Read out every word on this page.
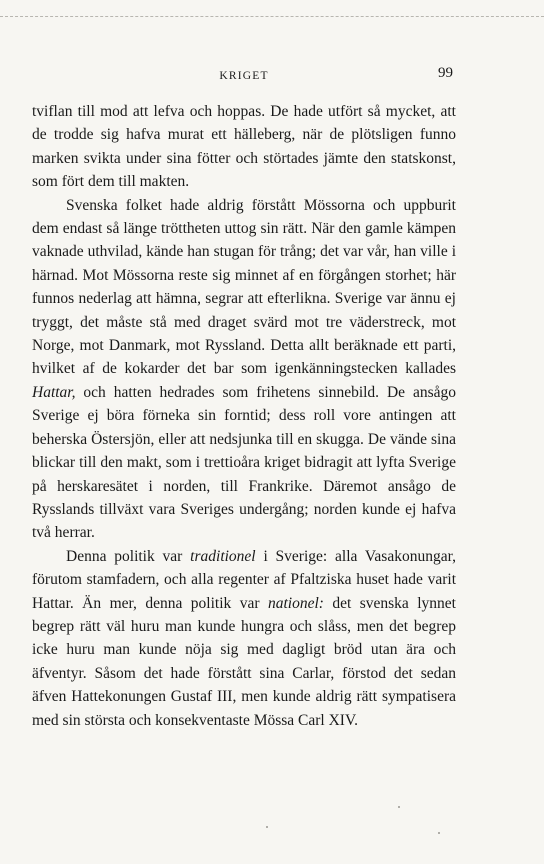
KRIGET	99

tviflan till mod att lefva och hoppas. De hade utfört så mycket, att de trodde sig hafva murat ett hälleberg, när de plötsligen funno marken svikta under sina fötter och störtades jämte den statskonst, som fört dem till makten.

Svenska folket hade aldrig förstått Mössorna och uppburit dem endast så länge tröttheten uttog sin rätt. När den gamle kämpen vaknade uthvilad, kände han stugan för trång; det var vår, han ville i härnad. Mot Mössorna reste sig minnet af en förgången storhet; här funnos nederlag att hämna, segrar att efterlikna. Sverige var ännu ej tryggt, det måste stå med draget svärd mot tre väderstreck, mot Norge, mot Danmark, mot Ryssland. Detta allt beräknade ett parti, hvilket af de kokarder det bar som igenkänningstecken kallades Hattar, och hatten hedrades som frihetens sinnebild. De ansågo Sverige ej böra förneka sin forntid; dess roll vore antingen att beherska Östersjön, eller att nedsjunka till en skugga. De vände sina blickar till den makt, som i trettioåra kriget bidragit att lyfta Sverige på herskaresätet i norden, till Frankrike. Däremot ansågo de Rysslands tillväxt vara Sveriges undergång; norden kunde ej hafva två herrar.

Denna politik var traditionel i Sverige: alla Vasakonungar, förutom stamfadern, och alla regenter af Pfaltziska huset hade varit Hattar. Än mer, denna politik var nationel: det svenska lynnet begrep rätt väl huru man kunde hungra och slåss, men det begrep icke huru man kunde nöja sig med dagligt bröd utan ära och äfventyr. Såsom det hade förstått sina Carlar, förstod det sedan äfven Hattekonungen Gustaf III, men kunde aldrig rätt sympatisera med sin största och konsekventaste Mössa Carl XIV.
